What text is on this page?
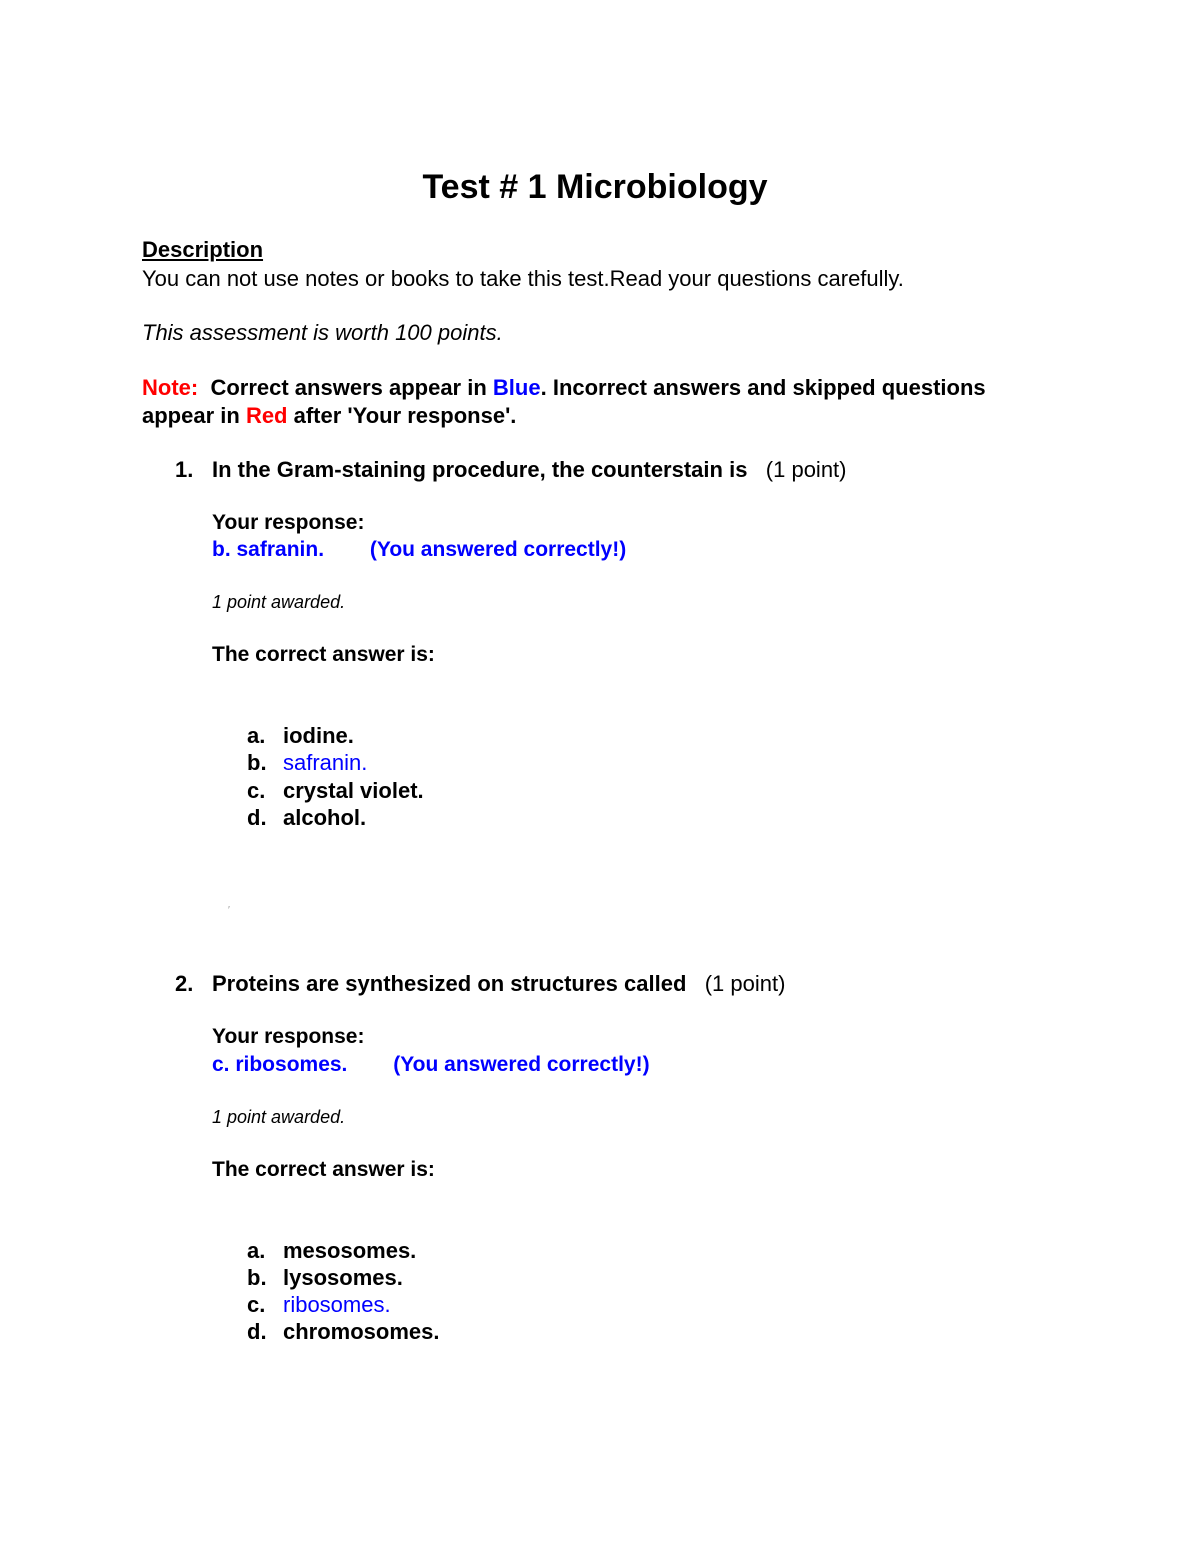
Test # 1 Microbiology
Description
You can not use notes or books to take this test.Read your questions carefully.
This assessment is worth 100 points.
Note: Correct answers appear in Blue. Incorrect answers and skipped questions
appear in Red after 'Your response'.
1. In the Gram-staining procedure, the counterstain is (1 point)
Your response:
b. safranin. (You answered correctly!)
1 point awarded.
The correct answer is:
a. iodine.
b. safranin.
c. crystal violet.
d. alcohol.
′
2. Proteins are synthesized on structures called (1 point)
Your response:
c. ribosomes. (You answered correctly!)
1 point awarded.
The correct answer is:
a. mesosomes.
b. lysosomes.
c. ribosomes.
d. chromosomes.
